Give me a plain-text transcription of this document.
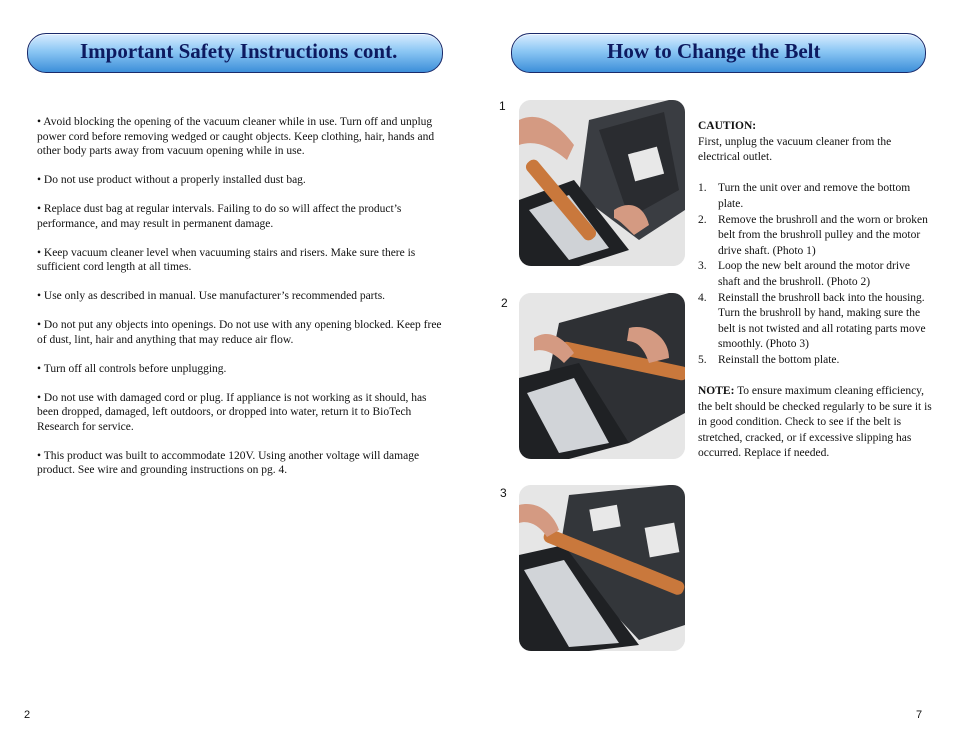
Important Safety Instructions cont.	How to Change the Belt

• Avoid blocking the opening of the vacuum cleaner while in use. Turn off and unplug power cord before removing wedged or caught objects. Keep clothing, hair, hands and other body parts away from vacuum opening while in use.

• Do not use product without a properly installed dust bag.

• Replace dust bag at regular intervals. Failing to do so will affect the product’s performance, and may result in permanent damage.

• Keep vacuum cleaner level when vacuuming stairs and risers. Make sure there is sufficient cord length at all times.

• Use only as described in manual. Use manufacturer’s recommended parts.

• Do not put any objects into openings. Do not use with any opening blocked. Keep free of dust, lint, hair and anything that may reduce air flow.

• Turn off all controls before unplugging.

• Do not use with damaged cord or plug. If appliance is not working as it should, has been dropped, damaged, left outdoors, or dropped into water, return it to BioTech Research for service.

• This product was built to accommodate 120V. Using another voltage will damage product. See wire and grounding instructions on pg. 4.

1
2
3

CAUTION:

First, unplug the vacuum cleaner from the electrical outlet.

1. Turn the unit over and remove the bottom plate.
2. Remove the brushroll and the worn or broken belt from the brushroll pulley and the motor drive shaft. (Photo 1)
3. Loop the new belt around the motor drive shaft and the brushroll. (Photo 2)
4. Reinstall the brushroll back into the housing. Turn the brushroll by hand, making sure the belt is not twisted and all rotating parts move smoothly. (Photo 3)
5. Reinstall the bottom plate.

NOTE: To ensure maximum cleaning efficiency, the belt should be checked regularly to be sure it is in good condition. Check to see if the belt is stretched, cracked, or if excessive slipping has occurred. Replace if needed.

2	7
